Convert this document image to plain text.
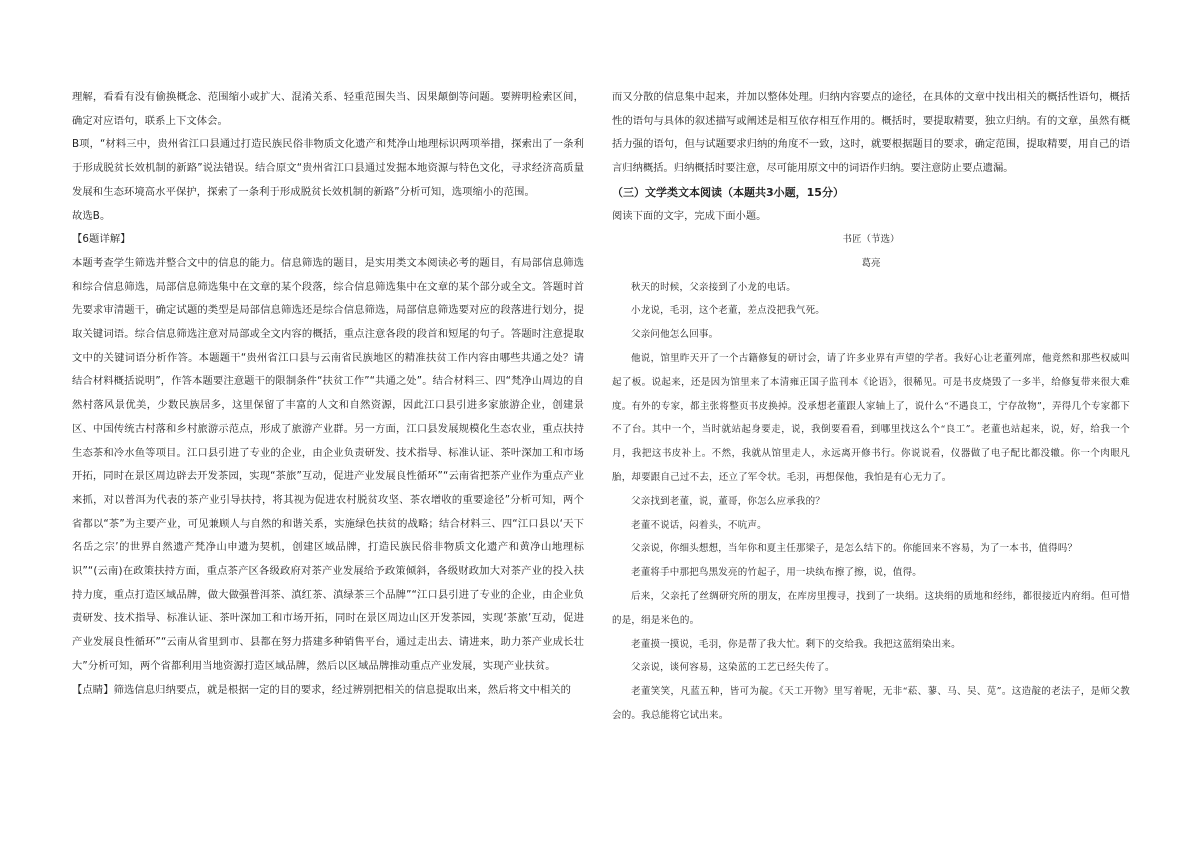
理解，看看有没有偷换概念、范围缩小或扩大、混淆关系、轻重范围失当、因果颠倒等问题。要辨明检索区间，确定对应语句，联系上下文体会。

B项，“材料三中，贵州省江口县通过打造民族民俗非物质文化遗产和梵净山地理标识两项举措，探索出了一条利于形成脱贫长效机制的新路”说法错误。结合原文“贵州省江口县通过发掘本地资源与特色文化，寻求经济高质量发展和生态环境高水平保护，探索了一条利于形成脱贫长效机制的新路”分析可知，选项缩小的范围。

故选B。

【6题详解】

本题考查学生筛选并整合文中的信息的能力。信息筛选的题目，是实用类文本阅读必考的题目，有局部信息筛选和综合信息筛选，局部信息筛选集中在文章的某个段落，综合信息筛选集中在文章的某个部分或全文。答题时首先要求审清题干，确定试题的类型是局部信息筛选还是综合信息筛选，局部信息筛选要对应的段落进行划分，提取关键词语。综合信息筛选注意对局部或全文内容的概括，重点注意各段的段首和短尾的句子。答题时注意提取文中的关键词语分析作答。本题题干“贵州省江口县与云南省民族地区的精准扶贫工作内容由哪些共通之处？请结合材料概括说明”，作答本题要注意题干的限制条件“扶贫工作”“共通之处”。结合材料三、四“梵净山周边的自然村落风景优美，少数民族居多，这里保留了丰富的人文和自然资源，因此江口县引进多家旅游企业，创建景区、中国传统古村落和乡村旅游示范点，形成了旅游产业群。另一方面，江口县发展规模化生态农业，重点扶持生态茶和冷水鱼等项目。江口县引进了专业的企业，由企业负责研发、技术指导、标准认证、茶叶深加工和市场开拓，同时在景区周边辟去开发茶园，实现“茶旅”互动，促进产业发展良性循环”“云南省把茶产业作为重点产业来抓，对以普洱为代表的茶产业引导扶持，将其视为促进农村脱贫攻坚、茶农增收的重要途径”分析可知，两个省都以“茶”为主要产业，可见兼顾人与自然的和谐关系，实施绿色扶贫的战略；结合材料三、四“江口县以‘天下名岳之宗’的世界自然遗产梵净山申遗为契机，创建区域品牌，打造民族民俗非物质文化遗产和黄净山地理标识”“(云南)在政策扶持方面，重点茶产区各级政府对茶产业发展给予政策倾斜，各级财政加大对茶产业的投入扶持力度，重点打造区域品牌，做大做强普洱茶、滇红茶、滇绿茶三个品牌”“江口县引进了专业的企业，由企业负责研发、技术指导、标准认证、茶叶深加工和市场开拓，同时在景区周边山区开发茶园，实现‘茶旅’互动，促进产业发展良性循环”“云南从省里到市、县都在努力搭建多种销售平台，通过走出去、请进来，助力茶产业成长壮大”分析可知，两个省都利用当地资源打造区域品牌，然后以区域品牌推动重点产业发展，实现产业扶贫。

【点睛】筛选信息归纳要点，就是根据一定的目的要求，经过辨别把相关的信息提取出来，然后将文中相关的

而又分散的信息集中起来，并加以整体处理。归纳内容要点的途径，在具体的文章中找出相关的概括性语句，概括性的语句与具体的叙述描写或阐述是相互依存相互作用的。概括时，要提取精要，独立归纳。有的文章，虽然有概括力强的语句，但与试题要求归纳的角度不一致，这时，就要根据题目的要求，确定范围，提取精要，用自己的语言归纳概括。归纳概括时要注意，尽可能用原文中的词语作归纳。要注意防止要点遗漏。

（三）文学类文本阅读（本题共3小题，15分）

阅读下面的文字，完成下面小题。

书匠（节选）

葛亮

秋天的时候，父亲接到了小龙的电话。

小龙说，毛羽，这个老董，差点没把我气死。

父亲问他怎么回事。

他说，馆里昨天开了一个古籍修复的研讨会，请了许多业界有声望的学者。我好心让老董列席，他竟然和那些权威叫起了板。说起来，还是因为馆里来了本清雍正国子监刊本《论语》，很稀见。可是书皮烧毁了一多半，给修复带来很大难度。有外的专家，都主张将整页书皮换掉。没承想老董跟人家轴上了，说什么“不遇良工，宁存故物”，弄得几个专家都下不了台。其中一个，当时就站起身要走，说，我倒要看看，到哪里找这么个“良工”。老董也站起来，说，好，给我一个月，我把这书皮补上。不然，我就从馆里走人，永远离开修书行。你说说看，仪器做了电子配比都没辙。你一个肉眼凡胎，却要跟自己过不去，还立了军令状。毛羽，再想保他，我怕是有心无力了。

父亲找到老董，说，董哥，你怎么应承我的？

老董不说话，闷着头，不吭声。

父亲说，你细头想想，当年你和夏主任那梁子，是怎么结下的。你能回来不容易，为了一本书，值得吗？

老董将手中那把鸟黑发亮的竹起子，用一块纨布擦了擦，说，值得。

后来，父亲托了丝绸研究所的朋友，在库房里搜寻，找到了一块绢。这块绢的质地和经纬，都很接近内府绢。但可惜的是，绢是米色的。

老董摸一摸说，毛羽，你是帮了我大忙。剩下的交给我。我把这蓝绢染出来。

父亲说，谈何容易，这染蓝的工艺已经失传了。

老董笑笑，凡蓝五种，皆可为靛。《天工开物》里写着呢，无非“菘、蓼、马、吴、苋”。这造靛的老法子，是师父教会的。我总能将它试出来。
